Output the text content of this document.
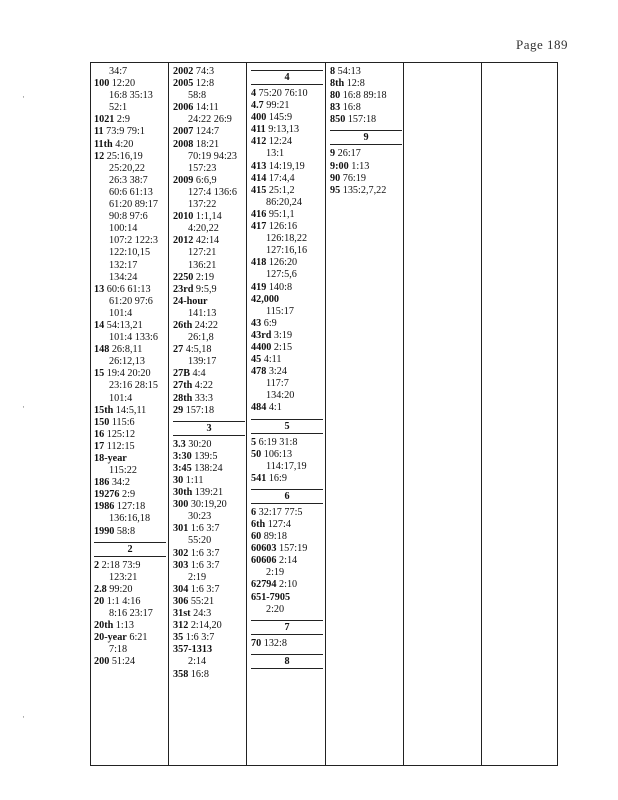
Page 189
·
·
·
34:7
100 12:20
16:8 35:13
52:1
1021 2:9
11 73:9 79:1
11th 4:20
12 25:16,19
25:20,22
26:3 38:7
60:6 61:13
61:20 89:17
90:8 97:6
100:14
107:2 122:3
122:10,15
132:17
134:24
13 60:6 61:13
61:20 97:6
101:4
14 54:13,21
101:4 133:6
148 26:8,11
26:12,13
15 19:4 20:20
23:16 28:15
101:4
15th 14:5,11
150 115:6
16 125:12
17 112:15
18-year
115:22
186 34:2
19276 2:9
1986 127:18
136:16,18
1990 58:8
2
2 2:18 73:9
123:21
2.8 99:20
20 1:1 4:16
8:16 23:17
20th 1:13
20-year 6:21
7:18
200 51:24
2002 74:3
2005 12:8
58:8
2006 14:11
24:22 26:9
2007 124:7
2008 18:21
70:19 94:23
157:23
2009 6:6,9
127:4 136:6
137:22
2010 1:1,14
4:20,22
2012 42:14
127:21
136:21
2250 2:19
23rd 9:5,9
24-hour
141:13
26th 24:22
26:1,8
27 4:5,18
139:17
27B 4:4
27th 4:22
28th 33:3
29 157:18
3
3.3 30:20
3:30 139:5
3:45 138:24
30 1:11
30th 139:21
300 30:19,20
30:23
301 1:6 3:7
55:20
302 1:6 3:7
303 1:6 3:7
2:19
304 1:6 3:7
306 55:21
31st 24:3
312 2:14,20
35 1:6 3:7
357-1313
2:14
358 16:8
4
4 75:20 76:10
4.7 99:21
400 145:9
411 9:13,13
412 12:24
13:1
413 14:19,19
414 17:4,4
415 25:1,2
86:20,24
416 95:1,1
417 126:16
126:18,22
127:16,16
418 126:20
127:5,6
419 140:8
42,000
115:17
43 6:9
43rd 3:19
4400 2:15
45 4:11
478 3:24
117:7
134:20
484 4:1
5
5 6:19 31:8
50 106:13
114:17,19
541 16:9
6
6 32:17 77:5
6th 127:4
60 89:18
60603 157:19
60606 2:14
2:19
62794 2:10
651-7905
2:20
7
70 132:8
8
8 54:13
8th 12:8
80 16:8 89:18
83 16:8
850 157:18
9
9 26:17
9:00 1:13
90 76:19
95 135:2,7,22
